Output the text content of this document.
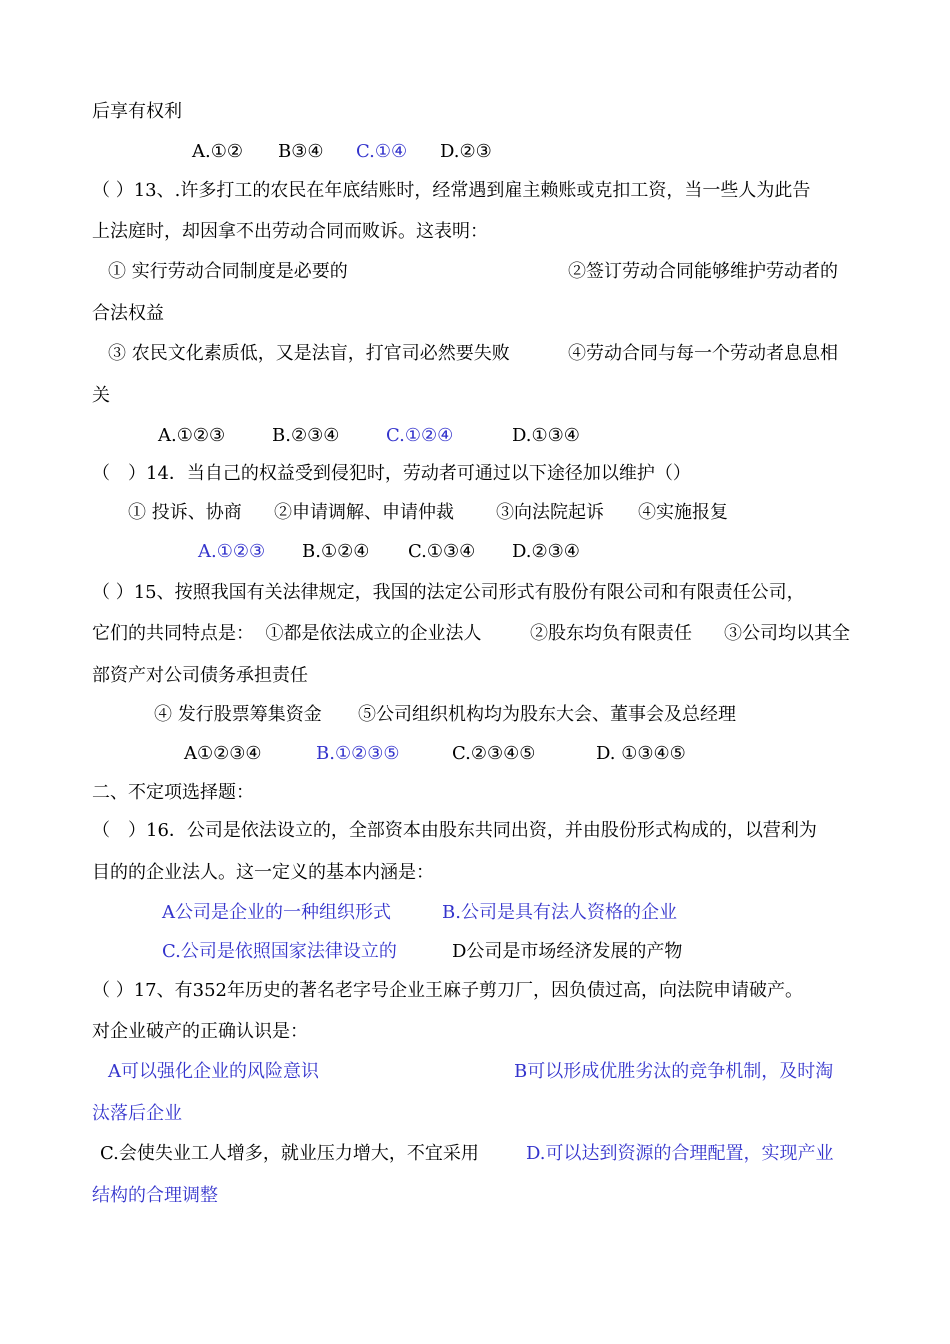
后享有权利
A.①② B③④ C.①④ D.②③
（ ）13、.许多打工的农民在年底结账时，经常遇到雇主赖账或克扣工资，当一些人为此告
上法庭时，却因拿不出劳动合同而败诉。这表明：
① 实行劳动合同制度是必要的	②签订劳动合同能够维护劳动者的
合法权益
③ 农民文化素质低，又是法盲，打官司必然要失败	④劳动合同与每一个劳动者息息相
关
A.①②③	B.②③④	C.①②④	D.①③④
（　）14．当自己的权益受到侵犯时，劳动者可通过以下途径加以维护（）
① 投诉、协商 ②申请调解、申请仲裁 ③向法院起诉 ④实施报复
A.①②③ B.①②④ C.①③④ D.②③④
（ ）15、按照我国有关法律规定，我国的法定公司形式有股份有限公司和有限责任公司，
它们的共同特点是：  ①都是依法成立的企业法人	②股东均负有限责任 ③公司均以其全
部资产对公司债务承担责任
④ 发行股票筹集资金 ⑤公司组织机构均为股东大会、董事会及总经理
A①②③④	B.①②③⑤	C.②③④⑤	D. ①③④⑤
二、不定项选择题：
（　）16．公司是依法设立的，全部资本由股东共同出资，并由股份形式构成的，以营利为
目的的企业法人。这一定义的基本内涵是：
A公司是企业的一种组织形式	B.公司是具有法人资格的企业
C.公司是依照国家法律设立的	D公司是市场经济发展的产物
（ ）17、有352年历史的著名老字号企业王麻子剪刀厂，因负债过高，向法院申请破产。
对企业破产的正确认识是：
A可以强化企业的风险意识	B可以形成优胜劣汰的竞争机制，及时淘
汰落后企业
C.会使失业工人增多，就业压力增大，不宜采用	D.可以达到资源的合理配置，实现产业
结构的合理调整
